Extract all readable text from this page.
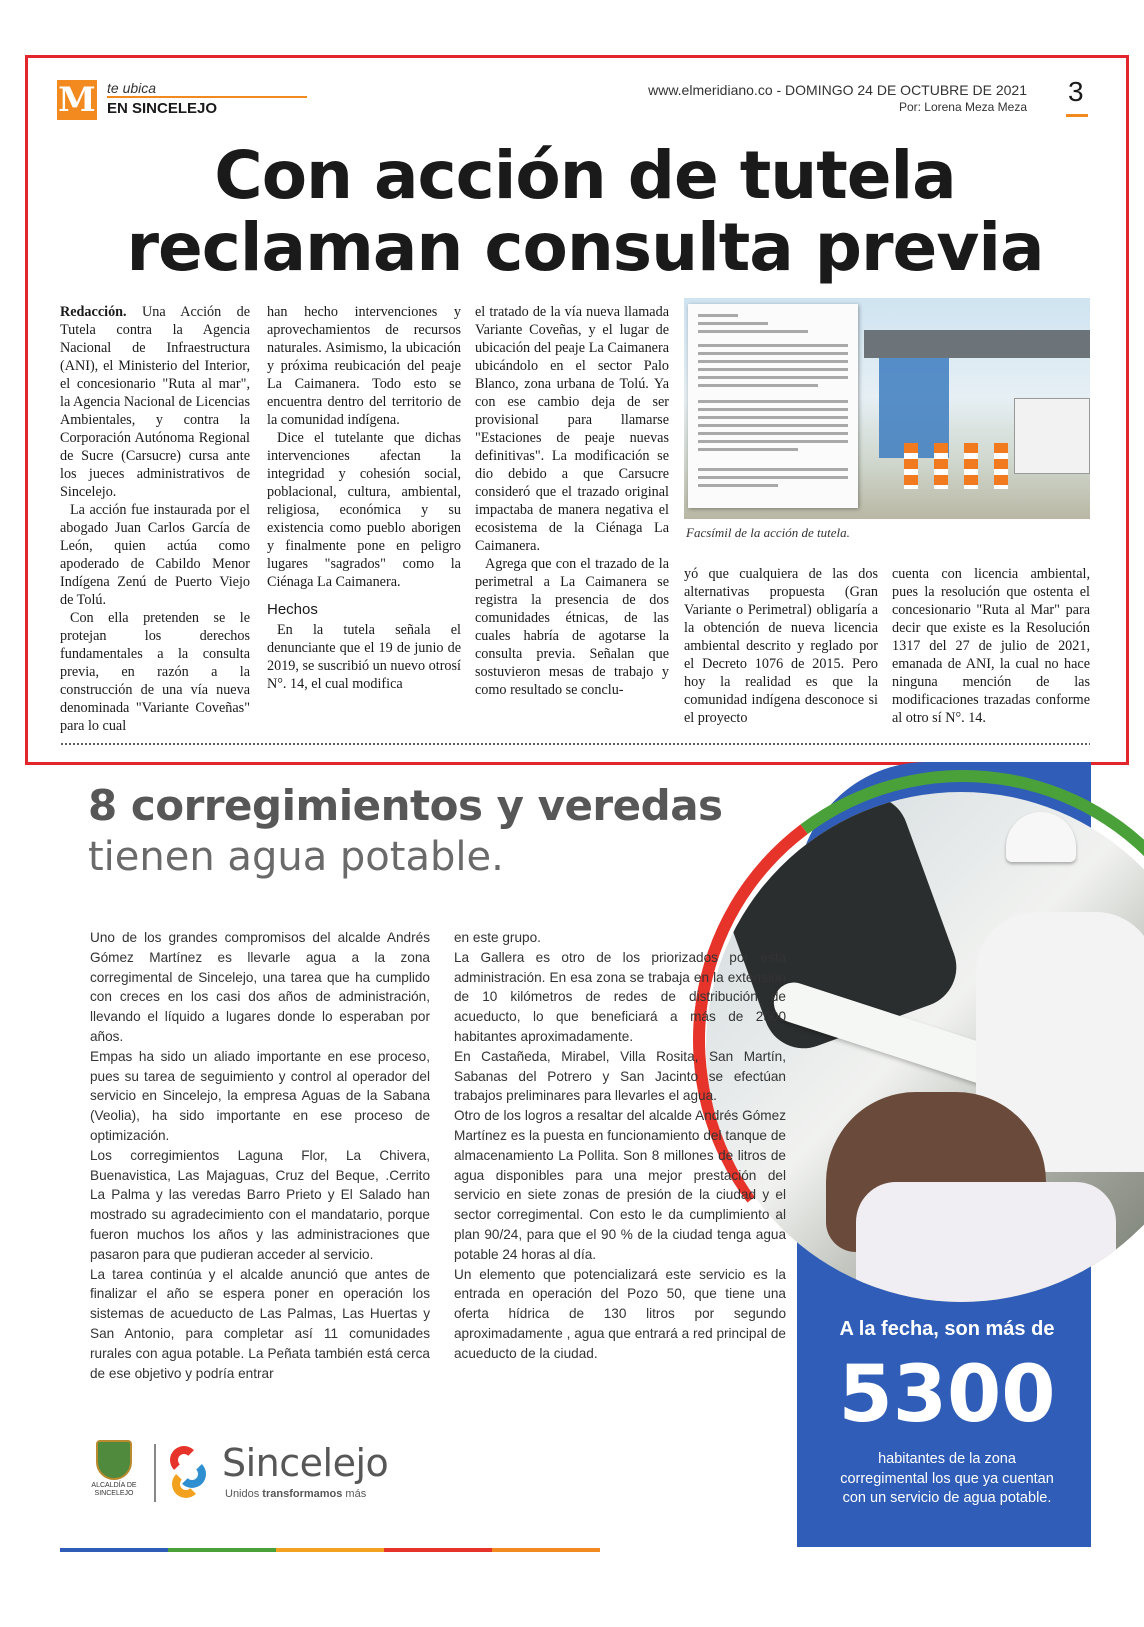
M te ubica
EN SINCELEJO
www.elmeridiano.co - DOMINGO 24 DE OCTUBRE DE 2021
Por: Lorena Meza Meza 3
Con acción de tutela
reclaman consulta previa

Redacción. Una Acción de Tutela contra la Agencia Nacional de Infraestructura (ANI), el Ministerio del Interior, el concesionario "Ruta al mar", la Agencia Nacional de Licencias Ambientales, y contra la Corporación Autónoma Regional de Sucre (Carsucre) cursa ante los jueces administrativos de Sincelejo.

La acción fue instaurada por el abogado Juan Carlos García de León, quien actúa como apoderado de Cabildo Menor Indígena Zenú de Puerto Viejo de Tolú.

Con ella pretenden se le protejan los derechos fundamentales a la consulta previa, en razón a la construcción de una vía nueva denominada "Variante Coveñas" para lo cual

han hecho intervenciones y aprovechamientos de recursos naturales. Asimismo, la ubicación y próxima reubicación del peaje La Caimanera. Todo esto se encuentra dentro del territorio de la comunidad indígena.

Dice el tutelante que dichas intervenciones afectan la integridad y cohesión social, poblacional, cultura, ambiental, religiosa, económica y su existencia como pueblo aborigen y finalmente pone en peligro lugares "sagrados" como la Ciénaga La Caimanera.

Hechos

En la tutela señala el denunciante que el 19 de junio de 2019, se suscribió un nuevo otrosí N°. 14, el cual modifica

el tratado de la vía nueva llamada Variante Coveñas, y el lugar de ubicación del peaje La Caimanera ubicándolo en el sector Palo Blanco, zona urbana de Tolú. Ya con ese cambio deja de ser provisional para llamarse "Estaciones de peaje nuevas definitivas". La modificación se dio debido a que Carsucre consideró que el trazado original impactaba de manera negativa el ecosistema de la Ciénaga La Caimanera.

Agrega que con el trazado de la perimetral a La Caimanera se registra la presencia de dos comunidades étnicas, de las cuales habría de agotarse la consulta previa. Señalan que sostuvieron mesas de trabajo y como resultado se conclu-

Facsímil de la acción de tutela.

yó que cualquiera de las dos alternativas propuesta (Gran Variante o Perimetral) obligaría a la obtención de nueva licencia ambiental descrito y reglado por el Decreto 1076 de 2015. Pero hoy la realidad es que la comunidad indígena desconoce si el proyecto

cuenta con licencia ambiental, pues la resolución que ostenta el concesionario "Ruta al Mar" para decir que existe es la Resolución 1317 del 27 de julio de 2021, emanada de ANI, la cual no hace ninguna mención de las modificaciones trazadas conforme al otro sí N°. 14.

8 corregimientos y veredas
tienen agua potable.

Uno de los grandes compromisos del alcalde Andrés Gómez Martínez es llevarle agua a la zona corregimental de Sincelejo, una tarea que ha cumplido con creces en los casi dos años de administración, llevando el líquido a lugares donde lo esperaban por años.

Empas ha sido un aliado importante en ese proceso, pues su tarea de seguimiento y control al operador del servicio en Sincelejo, la empresa Aguas de la Sabana (Veolia), ha sido importante en ese proceso de optimización.

Los corregimientos Laguna Flor, La Chivera, Buenavistica, Las Majaguas, Cruz del Beque, .Cerrito La Palma y las veredas Barro Prieto y El Salado han mostrado su agradecimiento con el mandatario, porque fueron muchos los años y las administraciones que pasaron para que pudieran acceder al servicio.

La tarea continúa y el alcalde anunció que antes de finalizar el año se espera poner en operación los sistemas de acueducto de Las Palmas, Las Huertas y San Antonio, para completar así 11 comunidades rurales con agua potable. La Peñata también está cerca de ese objetivo y podría entrar

en este grupo.

La Gallera es otro de los priorizados por esta administración. En esa zona se trabaja en la extensión de 10 kilómetros de redes de distribución de acueducto, lo que beneficiará a más de 2500 habitantes aproximadamente.

En Castañeda, Mirabel, Villa Rosita, San Martín, Sabanas del Potrero y San Jacinto se efectúan trabajos preliminares para llevarles el agua.

Otro de los logros a resaltar del alcalde Andrés Gómez Martínez es la puesta en funcionamiento del tanque de almacenamiento La Pollita. Son 8 millones de litros de agua disponibles para una mejor prestación del servicio en siete zonas de presión de la ciudad y el sector corregimental. Con esto le da cumplimiento al plan 90/24, para que el 90 % de la ciudad tenga agua potable 24 horas al día.

Un elemento que potencializará este servicio es la entrada en operación del Pozo 50, que tiene una oferta hídrica de 130 litros por segundo aproximadamente , agua que entrará a red principal de acueducto de la ciudad.

A la fecha, son más de
5300
habitantes de la zona corregimental los que ya cuentan con un servicio de agua potable.
ALCALDÍA DE
SINCELEJO
Sincelejo
Unidos transformamos más
